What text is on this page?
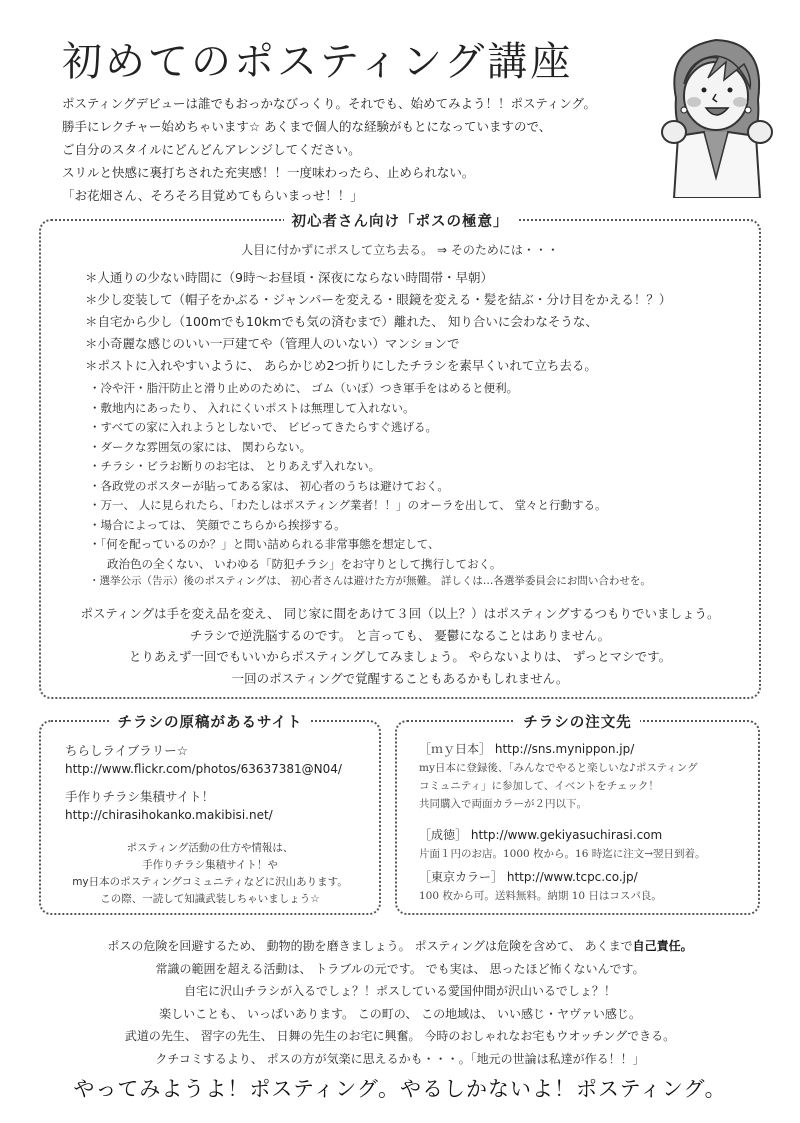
初めてのポスティング講座

ポスティングデビューは誰でもおっかなびっくり。それでも、始めてみよう！！ポスティング。

勝手にレクチャー始めちゃいます☆ あくまで個人的な経験がもとになっていますので、

ご自分のスタイルにどんどんアレンジしてください。

スリルと快感に裏打ちされた充実感！！一度味わったら、止められない。

「お花畑さん、そろそろ目覚めてもらいまっせ！！」

初心者さん向け「ポスの極意」
人目に付かずにポスして立ち去る。 ⇒ そのためには・・・
＊人通りの少ない時間に（9時～お昼頃・深夜にならない時間帯・早朝）
＊少し変装して（帽子をかぶる・ジャンパーを変える・眼鏡を変える・髪を結ぶ・分け目をかえる！？）
＊自宅から少し（100mでも10kmでも気の済むまで）離れた、 知り合いに会わなそうな、
＊小奇麗な感じのいい一戸建てや（管理人のいない）マンションで
＊ポストに入れやすいように、 あらかじめ2つ折りにしたチラシを素早くいれて立ち去る。
・冷や汗・脂汗防止と滑り止めのために、 ゴム（いぼ）つき軍手をはめると便利。
・敷地内にあったり、 入れにくいポストは無理して入れない。
・すべての家に入れようとしないで、 ビビってきたらすぐ逃げる。
・ダークな雰囲気の家には、 関わらない。
・チラシ・ビラお断りのお宅は、 とりあえず入れない。
・各政党のポスターが貼ってある家は、 初心者のうちは避けておく。
・万一、 人に見られたら、「わたしはポスティング業者！！」のオーラを出して、 堂々と行動する。
・場合によっては、 笑顔でこちらから挨拶する。
・「何を配っているのか？」と問い詰められる非常事態を想定して、
政治色の全くない、 いわゆる「防犯チラシ」をお守りとして携行しておく。
・選挙公示（告示）後のポスティングは、 初心者さんは避けた方が無難。 詳しくは…各選挙委員会にお問い合わせを。
ポスティングは手を変え品を変え、 同じ家に間をあけて３回（以上？）はポスティングするつもりでいましょう。
チラシで逆洗脳するのです。 と言っても、 憂鬱になることはありません。
とりあえず一回でもいいからポスティングしてみましょう。 やらないよりは、 ずっとマシです。
一回のポスティングで覚醒することもあるかもしれません。
チラシの原稿があるサイト
ちらしライブラリー☆
http://www.flickr.com/photos/63637381@N04/
手作りチラシ集積サイト！
http://chirasihokanko.makibisi.net/
ポスティング活動の仕方や情報は、
手作りチラシ集積サイト！や
my日本のポスティングコミュニティなどに沢山あります。
この際、一読して知識武装しちゃいましょう☆
チラシの注文先
［ｍｙ日本］ http://sns.mynippon.jp/
my日本に登録後、「みんなでやると楽しいな♪ポスティング
コミュニティ」に参加して、イベントをチェック！
共同購入で両面カラーが２円以下。
［成徳］ http://www.gekiyasuchirasi.com
片面１円のお店。1000 枚から。16 時迄に注文→翌日到着。
［東京カラー］ http://www.tcpc.co.jp/
100 枚から可。送料無料。納期 10 日はコスパ良。
ポスの危険を回避するため、 動物的勘を磨きましょう。 ポスティングは危険を含めて、 あくまで自己責任。
常識の範囲を超える活動は、 トラブルの元です。 でも実は、 思ったほど怖くないんです。
自宅に沢山チラシが入るでしょ？！ポスしている愛国仲間が沢山いるでしょ？！
楽しいことも、 いっぱいあります。 この町の、 この地域は、 いい感じ・ヤヴァい感じ。
武道の先生、 習字の先生、 日舞の先生のお宅に興奮。 今時のおしゃれなお宅もウオッチングできる。
クチコミするより、 ポスの方が気楽に思えるかも・・・。「地元の世論は私達が作る！！」
やってみようよ！ポスティング。やるしかないよ！ポスティング。
